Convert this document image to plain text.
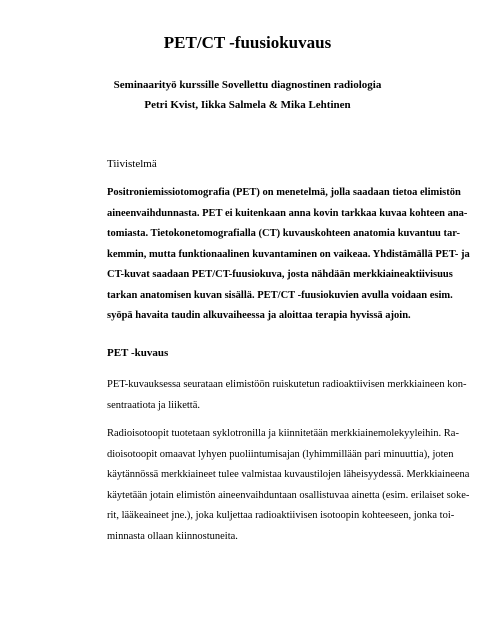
PET/CT -fuusiokuvaus
Seminaarityö kurssille Sovellettu diagnostinen radiologia
Petri Kvist, Iikka Salmela & Mika Lehtinen
Tiivistelmä
Positroniemissiotomografia (PET) on menetelmä, jolla saadaan tietoa elimistön
aineenvaihdunnasta. PET ei kuitenkaan anna kovin tarkkaa kuvaa kohteen ana-
tomiasta. Tietokonetomografialla (CT) kuvauskohteen anatomia kuvantuu tar-
kemmin, mutta funktionaalinen kuvantaminen on vaikeaa. Yhdistämällä PET- ja
CT-kuvat saadaan PET/CT-fuusiokuva, josta nähdään merkkiaineaktiivisuus
tarkan anatomisen kuvan sisällä. PET/CT -fuusiokuvien avulla voidaan esim.
syöpä havaita taudin alkuvaiheessa ja aloittaa terapia hyvissä ajoin.
PET -kuvaus
PET-kuvauksessa seurataan elimistöön ruiskutetun radioaktiivisen merkkiaineen kon-
sentraatiota ja liikettä.
Radioisotoopit tuotetaan syklotronilla ja kiinnitetään merkkiainemolekyyleihin. Ra-
dioisotoopit omaavat lyhyen puoliintumisajan (lyhimmillään pari minuuttia), joten
käytännössä merkkiaineet tulee valmistaa kuvaustilojen läheisyydessä. Merkkiaineena
käytetään jotain elimistön aineenvaihduntaan osallistuvaa ainetta (esim. erilaiset soke-
rit, lääkeaineet jne.), joka kuljettaa radioaktiivisen isotoopin kohteeseen, jonka toi-
minnasta ollaan kiinnostuneita.
